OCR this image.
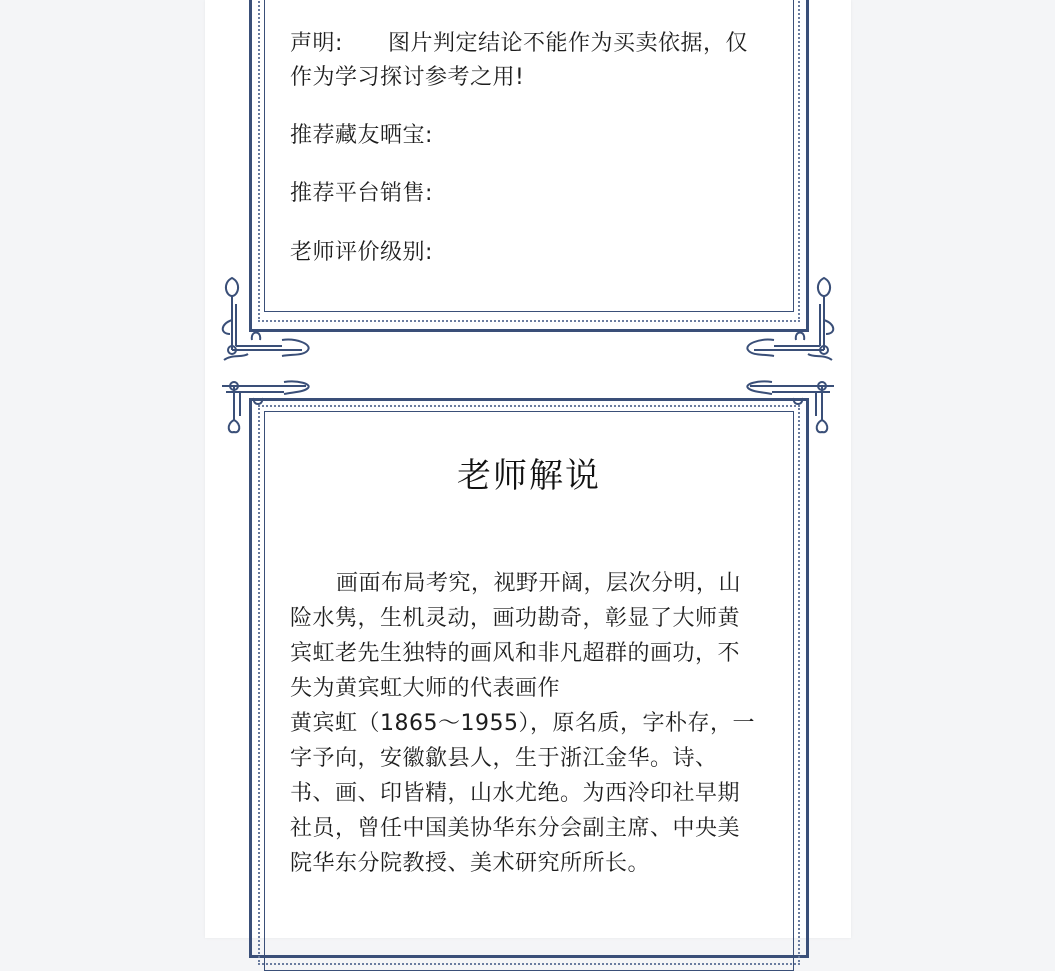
声明: 图片判定结论不能作为买卖依据，仅作为学习探讨参考之用!
推荐藏友晒宝:
推荐平台销售:
老师评价级别:
老师解说
画面布局考究，视野开阔，层次分明，山险水隽，生机灵动，画功勘奇，彰显了大师黄宾虹老先生独特的画风和非凡超群的画功，不失为黄宾虹大师的代表画作
黄宾虹（1865～1955），原名质，字朴存，一字予向，安徽歙县人，生于浙江金华。诗、书、画、印皆精，山水尤绝。为西泠印社早期社员，曾任中国美协华东分会副主席、中央美院华东分院教授、美术研究所所长。
